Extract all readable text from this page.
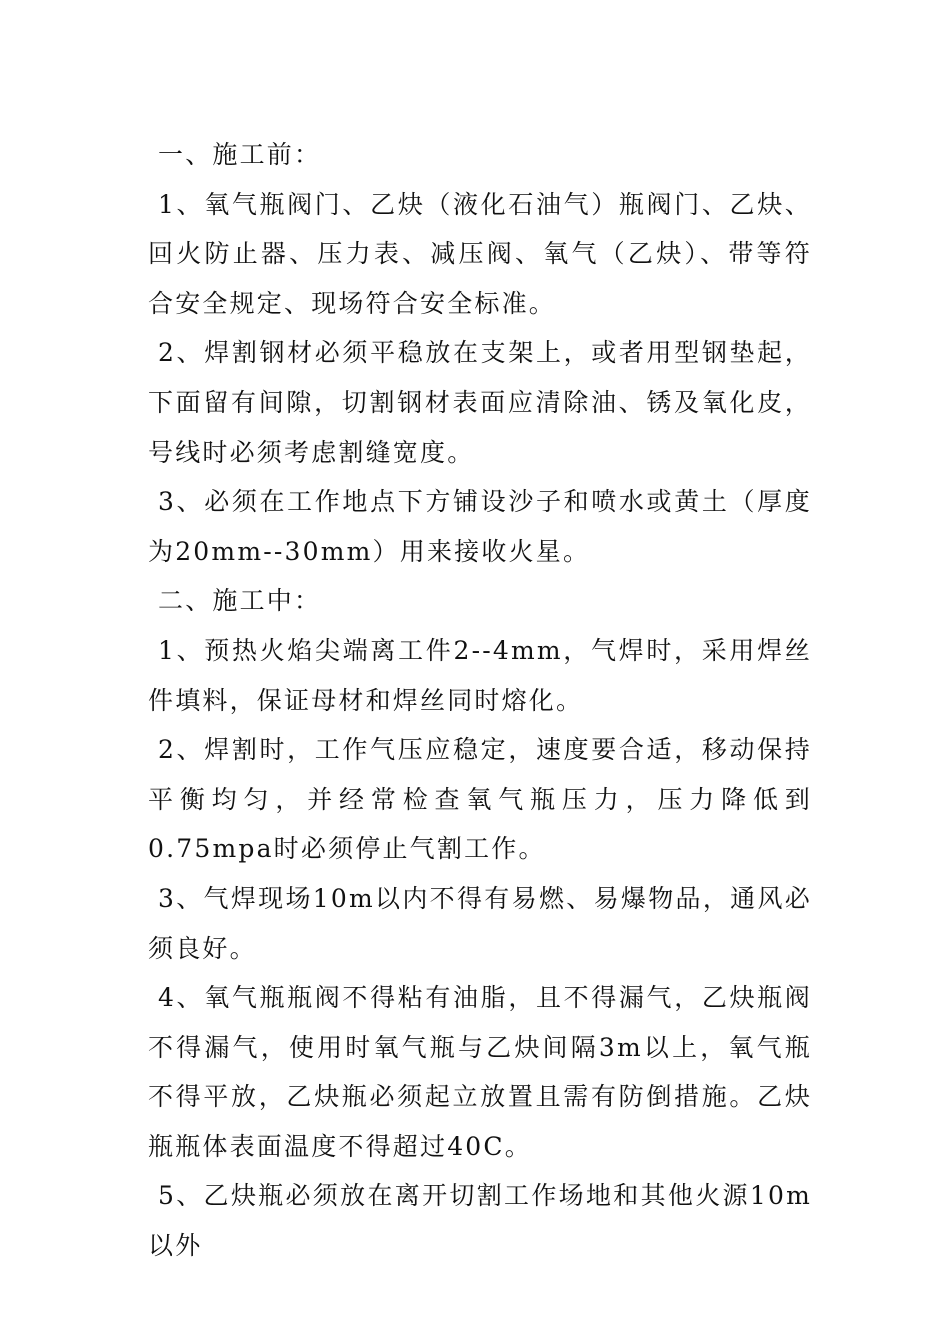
一、施工前：

1、氧气瓶阀门、乙炔（液化石油气）瓶阀门、乙炔、回火防止器、压力表、减压阀、氧气（乙炔）、带等符合安全规定、现场符合安全标准。

2、焊割钢材必须平稳放在支架上，或者用型钢垫起，下面留有间隙，切割钢材表面应清除油、锈及氧化皮，号线时必须考虑割缝宽度。

3、必须在工作地点下方铺设沙子和喷水或黄土（厚度为20mm--30mm）用来接收火星。

二、施工中：

1、预热火焰尖端离工件2--4mm，气焊时，采用焊丝件填料，保证母材和焊丝同时熔化。

2、焊割时，工作气压应稳定，速度要合适，移动保持平衡均匀，并经常检查氧气瓶压力，压力降低到0.75mpa时必须停止气割工作。

3、气焊现场10m以内不得有易燃、易爆物品，通风必须良好。

4、氧气瓶瓶阀不得粘有油脂，且不得漏气，乙炔瓶阀不得漏气，使用时氧气瓶与乙炔间隔3m以上，氧气瓶不得平放，乙炔瓶必须起立放置且需有防倒措施。乙炔瓶瓶体表面温度不得超过40C。

5、乙炔瓶必须放在离开切割工作场地和其他火源10m以外
